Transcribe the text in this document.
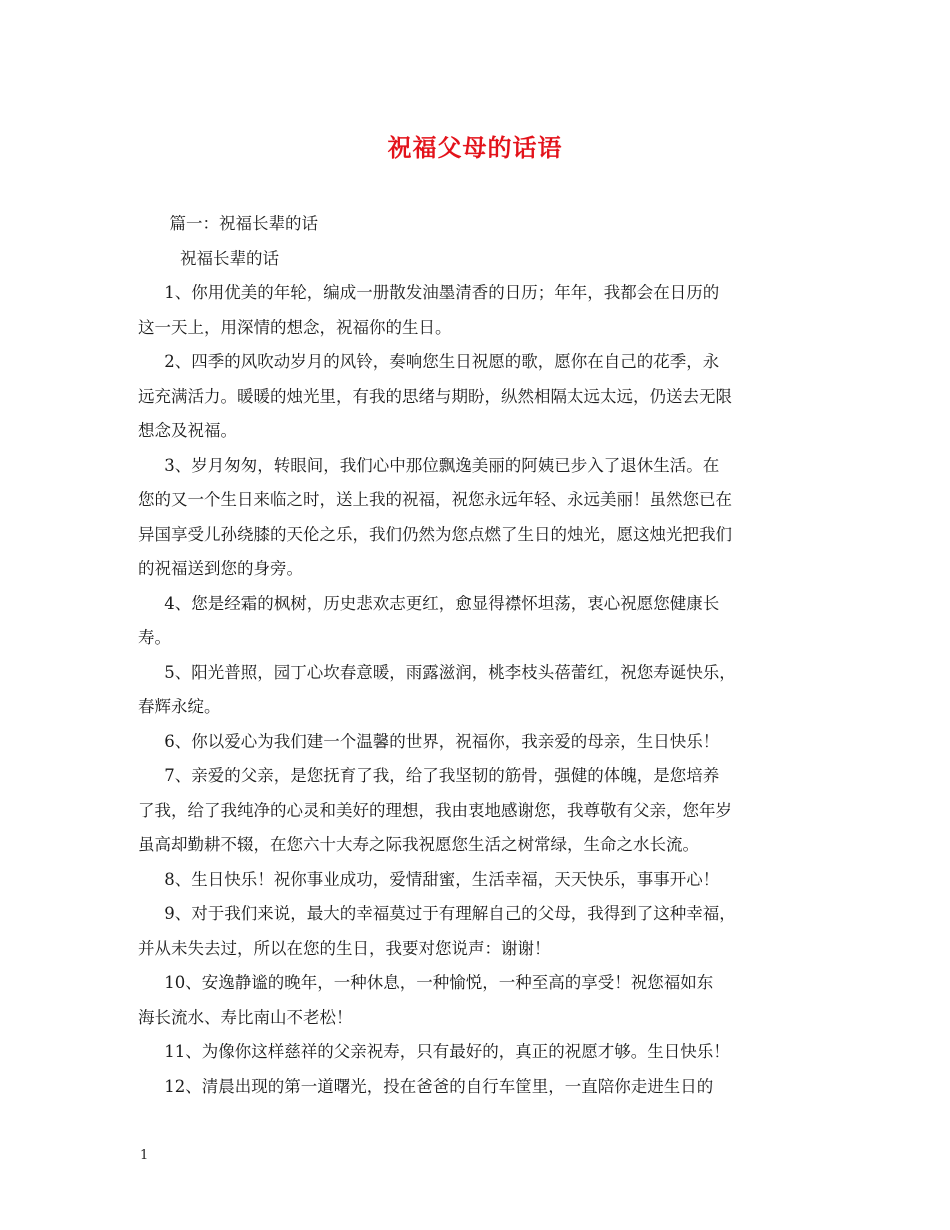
祝福父母的话语
篇一：祝福长辈的话
祝福长辈的话
1、你用优美的年轮，编成一册散发油墨清香的日历；年年，我都会在日历的
这一天上，用深情的想念，祝福你的生日。
2、四季的风吹动岁月的风铃，奏响您生日祝愿的歌，愿你在自己的花季，永
远充满活力。暖暖的烛光里，有我的思绪与期盼，纵然相隔太远太远，仍送去无限
想念及祝福。
3、岁月匆匆，转眼间，我们心中那位飘逸美丽的阿姨已步入了退休生活。在
您的又一个生日来临之时，送上我的祝福，祝您永远年轻、永远美丽！虽然您已在
异国享受儿孙绕膝的天伦之乐，我们仍然为您点燃了生日的烛光，愿这烛光把我们
的祝福送到您的身旁。
4、您是经霜的枫树，历史悲欢志更红，愈显得襟怀坦荡，衷心祝愿您健康长
寿。
5、阳光普照，园丁心坎春意暖，雨露滋润，桃李枝头蓓蕾红，祝您寿诞快乐，
春辉永绽。
6、你以爱心为我们建一个温馨的世界，祝福你，我亲爱的母亲，生日快乐！
7、亲爱的父亲，是您抚育了我，给了我坚韧的筋骨，强健的体魄，是您培养
了我，给了我纯净的心灵和美好的理想，我由衷地感谢您，我尊敬有父亲，您年岁
虽高却勤耕不辍，在您六十大寿之际我祝愿您生活之树常绿，生命之水长流。
8、生日快乐！祝你事业成功，爱情甜蜜，生活幸福，天天快乐，事事开心！
9、对于我们来说，最大的幸福莫过于有理解自己的父母，我得到了这种幸福，
并从未失去过，所以在您的生日，我要对您说声：谢谢！
10、安逸静谧的晚年，一种休息，一种愉悦，一种至高的享受！祝您福如东
海长流水、寿比南山不老松！
11、为像你这样慈祥的父亲祝寿，只有最好的，真正的祝愿才够。生日快乐！
12、清晨出现的第一道曙光，投在爸爸的自行车筐里，一直陪你走进生日的
1
